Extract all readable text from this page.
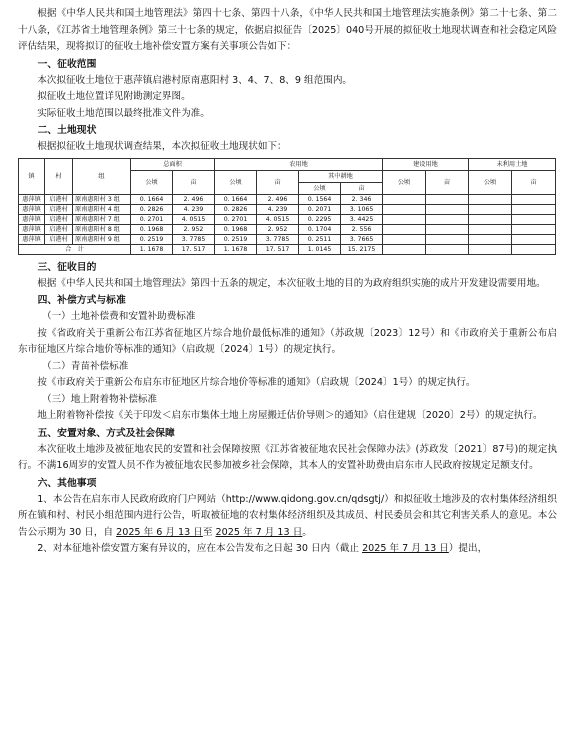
根据《中华人民共和国土地管理法》第四十七条、第四十八条，《中华人民共和国土地管理法实施条例》第二十七条、第二十八条，《江苏省土地管理条例》第三十七条的规定，依据启拟征告〔2025〕040号开展的拟征收土地现状调查和社会稳定风险评估结果，现将拟订的征收土地补偿安置方案有关事项公告如下：

一、征收范围

本次拟征收土地位于惠萍镇启港村原南惠阳村 3、4、7、8、9 组范围内。

拟征收土地位置详见附勘测定界图。

实际征收土地范围以最终批准文件为准。

二、土地现状

根据拟征收土地现状调查结果，本次拟征收土地现状如下：

镇	村	组	总面积		农用地				建设用地		未利用土地	
			公顷	亩	公顷	亩	其中耕地		公顷	亩	公顷	亩
							公顷	亩				
惠萍镇	启港村	原南惠阳村 3 组	0. 1664	2. 496	0. 1664	2. 496	0. 1564	2. 346				
惠萍镇	启港村	原南惠阳村 4 组	0. 2826	4. 239	0. 2826	4. 239	0. 2071	3. 1065				
惠萍镇	启港村	原南惠阳村 7 组	0. 2701	4. 0515	0. 2701	4. 0515	0. 2295	3. 4425				
惠萍镇	启港村	原南惠阳村 8 组	0. 1968	2. 952	0. 1968	2. 952	0. 1704	2. 556				
惠萍镇	启港村	原南惠阳村 9 组	0. 2519	3. 7785	0. 2519	3. 7785	0. 2511	3. 7665				
合　计			1. 1678	17. 517	1. 1678	17. 517	1. 0145	15. 2175				
三、征收目的

根据《中华人民共和国土地管理法》第四十五条的规定，本次征收土地的目的为政府组织实施的成片开发建设需要用地。

四、补偿方式与标准

（一）土地补偿费和安置补助费标准

按《省政府关于重新公布江苏省征地区片综合地价最低标准的通知》（苏政规〔2023〕12号）和《市政府关于重新公布启东市征地区片综合地价等标准的通知》（启政规〔2024〕1号）的规定执行。

（二）青苗补偿标准

按《市政府关于重新公布启东市征地区片综合地价等标准的通知》（启政规〔2024〕1号）的规定执行。

（三）地上附着物补偿标准

地上附着物补偿按《关于印发＜启东市集体土地上房屋搬迁估价导则＞的通知》（启住建规〔2020〕2号）的规定执行。

五、安置对象、方式及社会保障

本次征收土地涉及被征地农民的安置和社会保障按照《江苏省被征地农民社会保障办法》(苏政发〔2021〕87号)的规定执行。不满16周岁的安置人员不作为被征地农民参加被乡社会保障，其本人的安置补助费由启东市人民政府按规定足额支付。

六、其他事项

1、本公告在启东市人民政府政府门户网站（http://www.qidong.gov.cn/qdsgtj/）和拟征收土地涉及的农村集体经济组织所在镇和村、村民小组范围内进行公告，听取被征地的农村集体经济组织及其成员、村民委员会和其它利害关系人的意见。本公告公示期为 30 日，自 2025 年 6 月 13 日至 2025 年 7 月 13 日。

2、对本征地补偿安置方案有异议的，应在本公告发布之日起 30 日内（截止 2025 年 7 月 13 日）提出，
